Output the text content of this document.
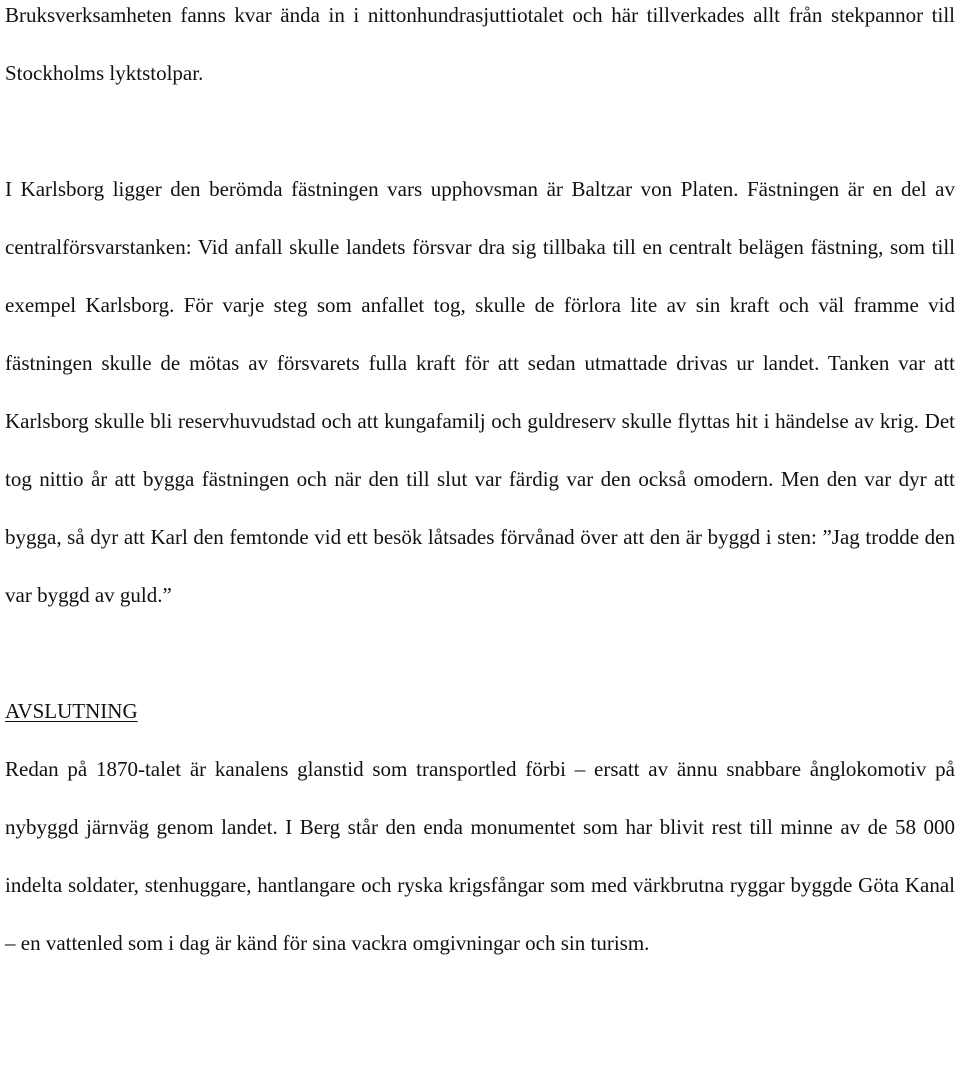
Bruksverksamheten fanns kvar ända in i nittonhundrasjuttiotalet och här tillverkades allt från stekpannor till Stockholms lyktstolpar.

I Karlsborg ligger den berömda fästningen vars upphovsman är Baltzar von Platen. Fästningen är en del av centralförsvarstanken: Vid anfall skulle landets försvar dra sig tillbaka till en centralt belägen fästning, som till exempel Karlsborg. För varje steg som anfallet tog, skulle de förlora lite av sin kraft och väl framme vid fästningen skulle de mötas av försvarets fulla kraft för att sedan utmattade drivas ur landet. Tanken var att Karlsborg skulle bli reservhuvudstad och att kungafamilj och guldreserv skulle flyttas hit i händelse av krig. Det tog nittio år att bygga fästningen och när den till slut var färdig var den också omodern. Men den var dyr att bygga, så dyr att Karl den femtonde vid ett besök låtsades förvånad över att den är byggd i sten: ”Jag trodde den var byggd av guld.”

AVSLUTNING

Redan på 1870-talet är kanalens glanstid som transportled förbi – ersatt av ännu snabbare ånglokomotiv på nybyggd järnväg genom landet. I Berg står den enda monumentet som har blivit rest till minne av de 58 000 indelta soldater, stenhuggare, hantlangare och ryska krigsfångar som med värkbrutna ryggar byggde Göta Kanal – en vattenled som i dag är känd för sina vackra omgivningar och sin turism.
